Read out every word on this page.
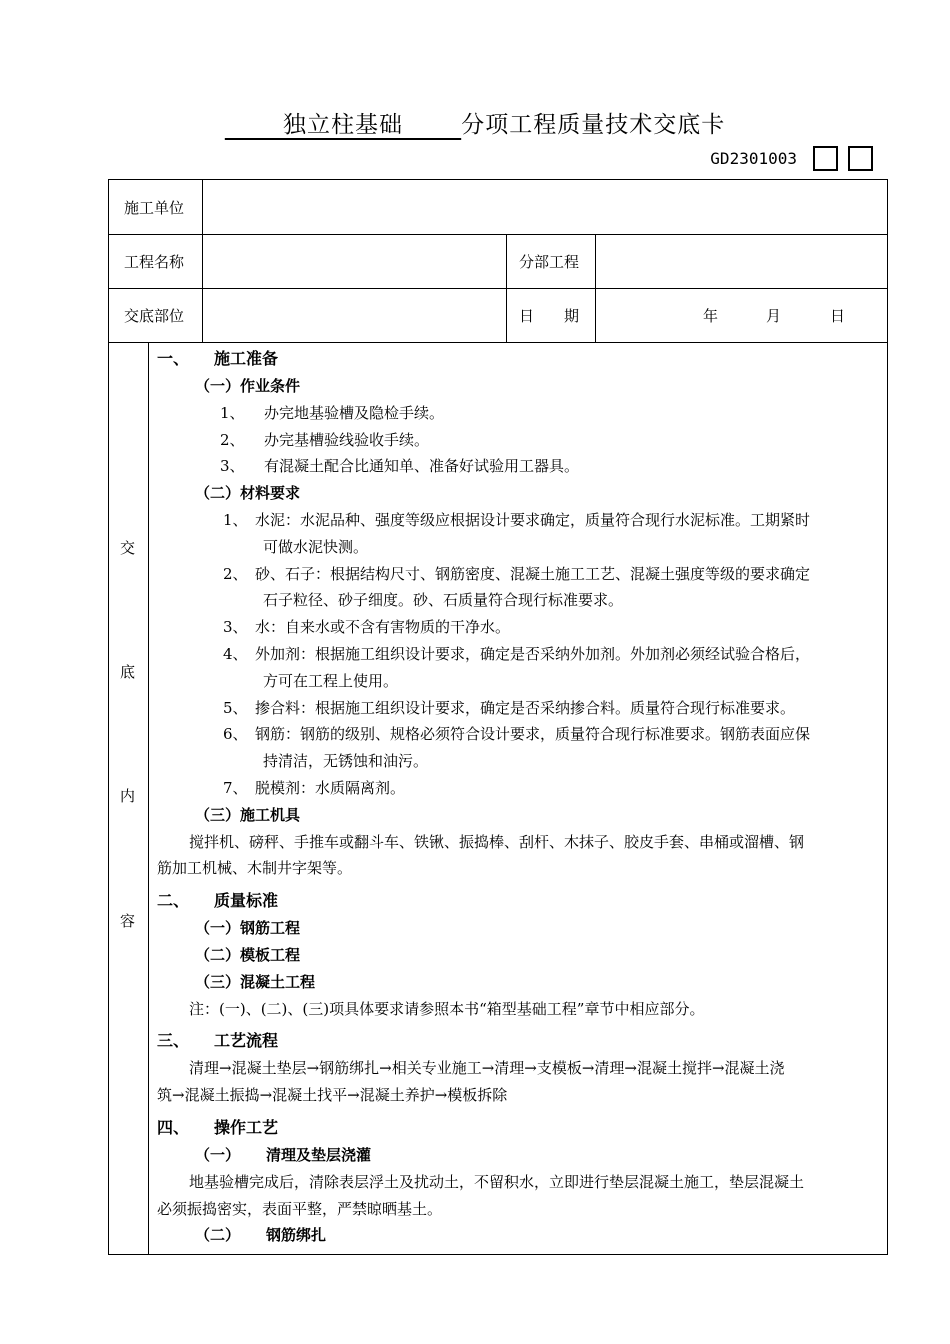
独立柱基础	分项工程质量技术交底卡
GD2301003
施工单位
工程名称	分部工程
交底部位	日　　期	年	月	日
交
底
内
容
一、 施工准备
（一）作业条件
1、 办完地基验槽及隐检手续。
2、 办完基槽验线验收手续。
3、 有混凝土配合比通知单、准备好试验用工器具。
（二）材料要求
1、 水泥：水泥品种、强度等级应根据设计要求确定，质量符合现行水泥标准。工期紧时
可做水泥快测。
2、 砂、石子：根据结构尺寸、钢筋密度、混凝土施工工艺、混凝土强度等级的要求确定
石子粒径、砂子细度。砂、石质量符合现行标准要求。
3、 水：自来水或不含有害物质的干净水。
4、 外加剂：根据施工组织设计要求，确定是否采纳外加剂。外加剂必须经试验合格后，
方可在工程上使用。
5、 掺合料：根据施工组织设计要求，确定是否采纳掺合料。质量符合现行标准要求。
6、 钢筋：钢筋的级别、规格必须符合设计要求，质量符合现行标准要求。钢筋表面应保
持清洁，无锈蚀和油污。
7、 脱模剂：水质隔离剂。
（三）施工机具
搅拌机、磅秤、手推车或翻斗车、铁锹、振捣棒、刮杆、木抹子、胶皮手套、串桶或溜槽、钢
筋加工机械、木制井字架等。
二、 质量标准
（一）钢筋工程
（二）模板工程
（三）混凝土工程
注：(一)、(二)、(三)项具体要求请参照本书“箱型基础工程”章节中相应部分。
三、 工艺流程
清理→混凝土垫层→钢筋绑扎→相关专业施工→清理→支模板→清理→混凝土搅拌→混凝土浇
筑→混凝土振捣→混凝土找平→混凝土养护→模板拆除
四、 操作工艺
（一） 清理及垫层浇灌
地基验槽完成后，清除表层浮土及扰动土，不留积水，立即进行垫层混凝土施工，垫层混凝土
必须振捣密实，表面平整，严禁晾晒基土。
（二） 钢筋绑扎
